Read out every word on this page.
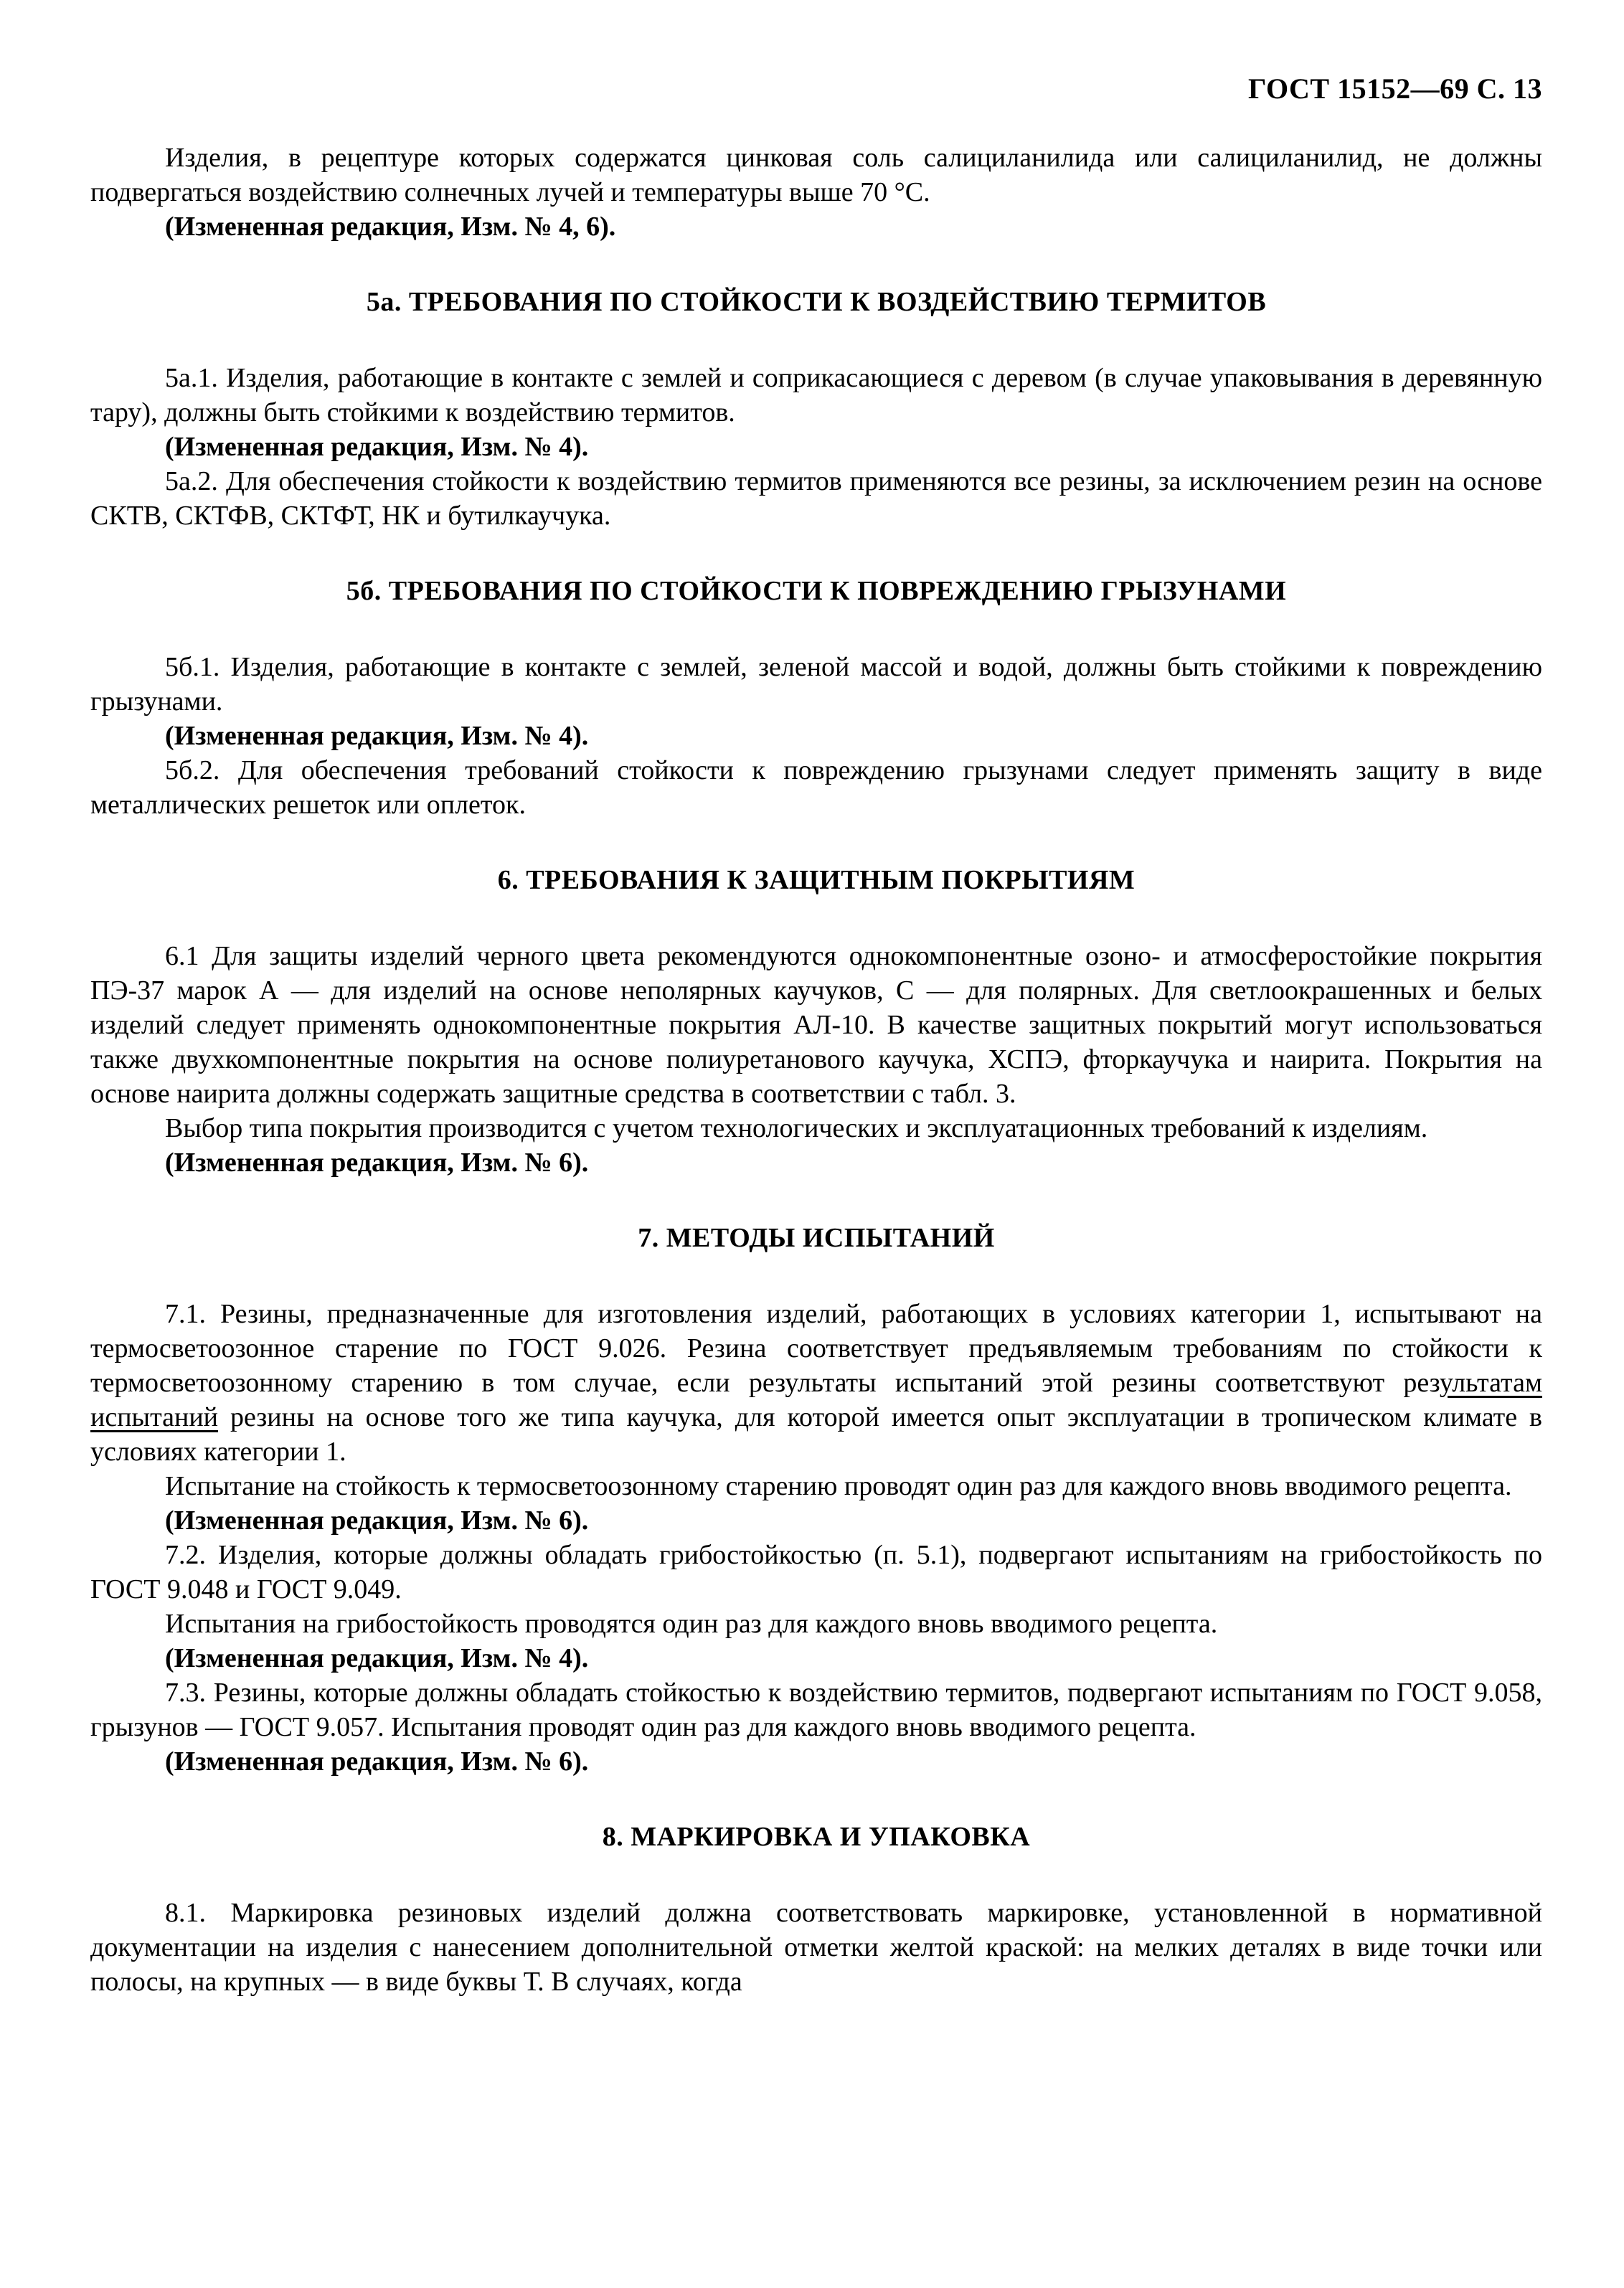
ГОСТ 15152—69 С. 13

Изделия, в рецептуре которых содержатся цинковая соль салициланилида или салициланилид, не должны подвергаться воздействию солнечных лучей и температуры выше 70 °С.

(Измененная редакция, Изм. № 4, 6).

5а. ТРЕБОВАНИЯ ПО СТОЙКОСТИ К ВОЗДЕЙСТВИЮ ТЕРМИТОВ

5а.1. Изделия, работающие в контакте с землей и соприкасающиеся с деревом (в случае упаковывания в деревянную тару), должны быть стойкими к воздействию термитов.

(Измененная редакция, Изм. № 4).

5а.2. Для обеспечения стойкости к воздействию термитов применяются все резины, за исключением резин на основе СКТВ, СКТФВ, СКТФТ, НК и бутилкаучука.

5б. ТРЕБОВАНИЯ ПО СТОЙКОСТИ К ПОВРЕЖДЕНИЮ ГРЫЗУНАМИ

5б.1. Изделия, работающие в контакте с землей, зеленой массой и водой, должны быть стойкими к повреждению грызунами.

(Измененная редакция, Изм. № 4).

5б.2. Для обеспечения требований стойкости к повреждению грызунами следует применять защиту в виде металлических решеток или оплеток.

6. ТРЕБОВАНИЯ К ЗАЩИТНЫМ ПОКРЫТИЯМ

6.1 Для защиты изделий черного цвета рекомендуются однокомпонентные озоно- и атмосферостойкие покрытия ПЭ-37 марок А — для изделий на основе неполярных каучуков, С — для полярных. Для светлоокрашенных и белых изделий следует применять однокомпонентные покрытия АЛ-10. В качестве защитных покрытий могут использоваться также двухкомпонентные покрытия на основе полиуретанового каучука, ХСПЭ, фторкаучука и наирита. Покрытия на основе наирита должны содержать защитные средства в соответствии с табл. 3.

Выбор типа покрытия производится с учетом технологических и эксплуатационных требований к изделиям.

(Измененная редакция, Изм. № 6).

7. МЕТОДЫ ИСПЫТАНИЙ

7.1. Резины, предназначенные для изготовления изделий, работающих в условиях категории 1, испытывают на термосветоозонное старение по ГОСТ 9.026. Резина соответствует предъявляемым требованиям по стойкости к термосветоозонному старению в том случае, если результаты испытаний этой резины соответствуют результатам испытаний резины на основе того же типа каучука, для которой имеется опыт эксплуатации в тропическом климате в условиях категории 1.

Испытание на стойкость к термосветоозонному старению проводят один раз для каждого вновь вводимого рецепта.

(Измененная редакция, Изм. № 6).

7.2. Изделия, которые должны обладать грибостойкостью (п. 5.1), подвергают испытаниям на грибостойкость по ГОСТ 9.048 и ГОСТ 9.049.

Испытания на грибостойкость проводятся один раз для каждого вновь вводимого рецепта.

(Измененная редакция, Изм. № 4).

7.3. Резины, которые должны обладать стойкостью к воздействию термитов, подвергают испытаниям по ГОСТ 9.058, грызунов — ГОСТ 9.057. Испытания проводят один раз для каждого вновь вводимого рецепта.

(Измененная редакция, Изм. № 6).

8. МАРКИРОВКА И УПАКОВКА

8.1. Маркировка резиновых изделий должна соответствовать маркировке, установленной в нормативной документации на изделия с нанесением дополнительной отметки желтой краской: на мелких деталях в виде точки или полосы, на крупных — в виде буквы Т. В случаях, когда
